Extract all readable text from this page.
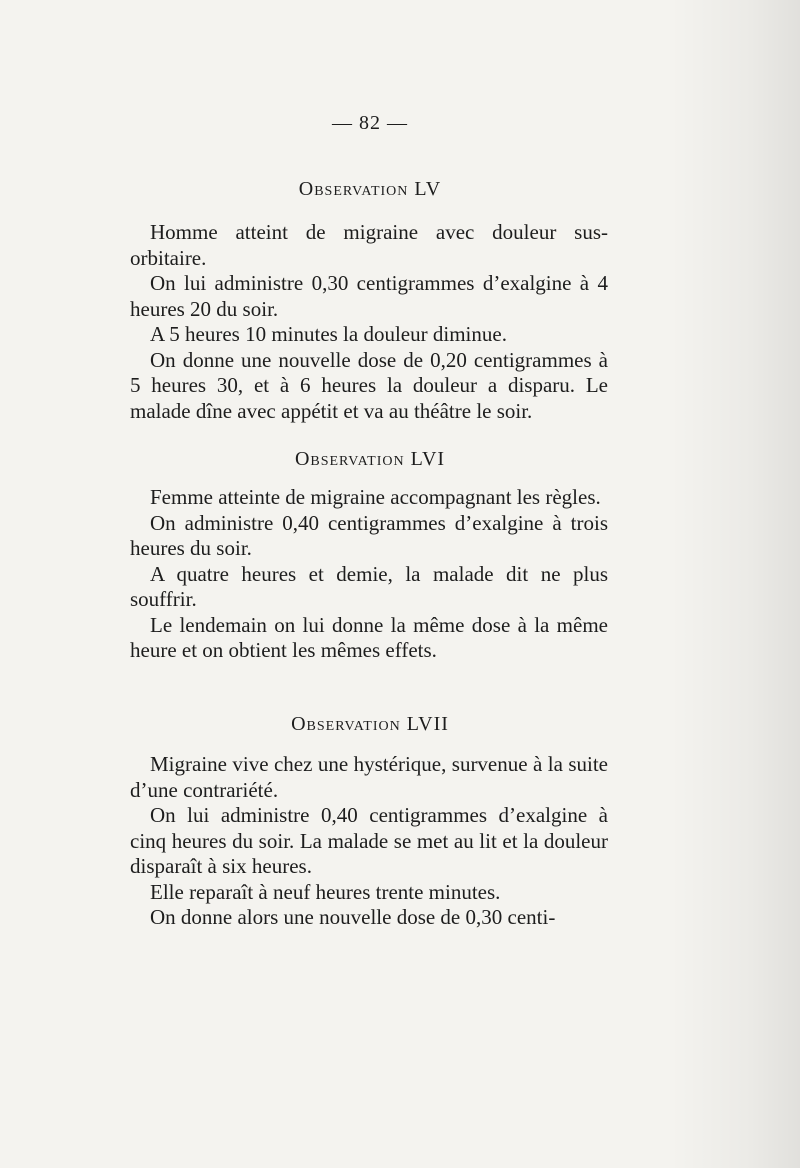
— 82 —
Observation LV

Homme atteint de migraine avec douleur sus-orbitaire.

On lui administre 0,30 centigrammes d’exalgine à 4 heures 20 du soir.

A 5 heures 10 minutes la douleur diminue.

On donne une nouvelle dose de 0,20 centigrammes à 5 heures 30, et à 6 heures la douleur a disparu. Le malade dîne avec appétit et va au théâtre le soir.

Observation LVI

Femme atteinte de migraine accompagnant les règles.

On administre 0,40 centigrammes d’exalgine à trois heures du soir.

A quatre heures et demie, la malade dit ne plus souffrir.

Le lendemain on lui donne la même dose à la même heure et on obtient les mêmes effets.

Observation LVII

Migraine vive chez une hystérique, survenue à la suite d’une contrariété.

On lui administre 0,40 centigrammes d’exalgine à cinq heures du soir. La malade se met au lit et la douleur disparaît à six heures.

Elle reparaît à neuf heures trente minutes.

On donne alors une nouvelle dose de 0,30 centi-
